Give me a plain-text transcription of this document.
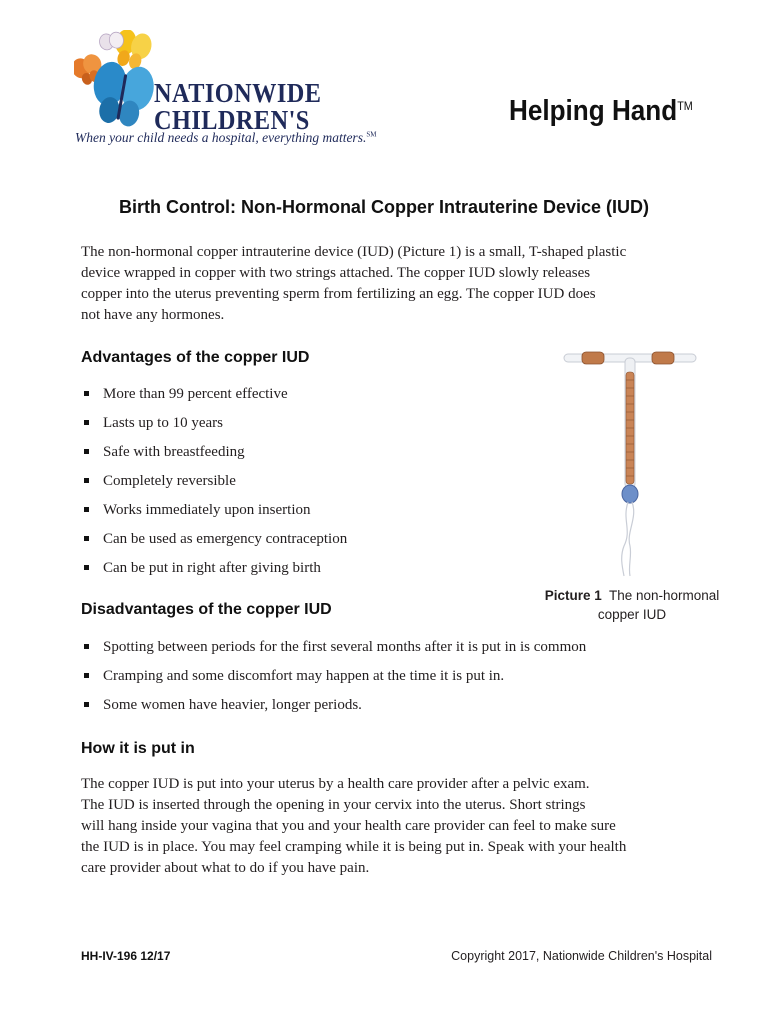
NATIONWIDE
CHILDREN'S
When your child needs a hospital, everything matters.℠
Helping Hand™
Birth Control: Non-Hormonal Copper Intrauterine Device (IUD)
The non-hormonal copper intrauterine device (IUD) (Picture 1) is a small, T-shaped plastic
device wrapped in copper with two strings attached. The copper IUD slowly releases
copper into the uterus preventing sperm from fertilizing an egg. The copper IUD does
not have any hormones.
Advantages of the copper IUD
More than 99 percent effective
Lasts up to 10 years
Safe with breastfeeding
Completely reversible
Works immediately upon insertion
Can be used as emergency contraception
Can be put in right after giving birth
Picture 1 The non-hormonal
copper IUD
Disadvantages of the copper IUD
Spotting between periods for the first several months after it is put in is common
Cramping and some discomfort may happen at the time it is put in.
Some women have heavier, longer periods.
How it is put in
The copper IUD is put into your uterus by a health care provider after a pelvic exam.
The IUD is inserted through the opening in your cervix into the uterus. Short strings
will hang inside your vagina that you and your health care provider can feel to make sure
the IUD is in place. You may feel cramping while it is being put in. Speak with your health
care provider about what to do if you have pain.
HH-IV-196 12/17	Copyright 2017, Nationwide Children's Hospital
